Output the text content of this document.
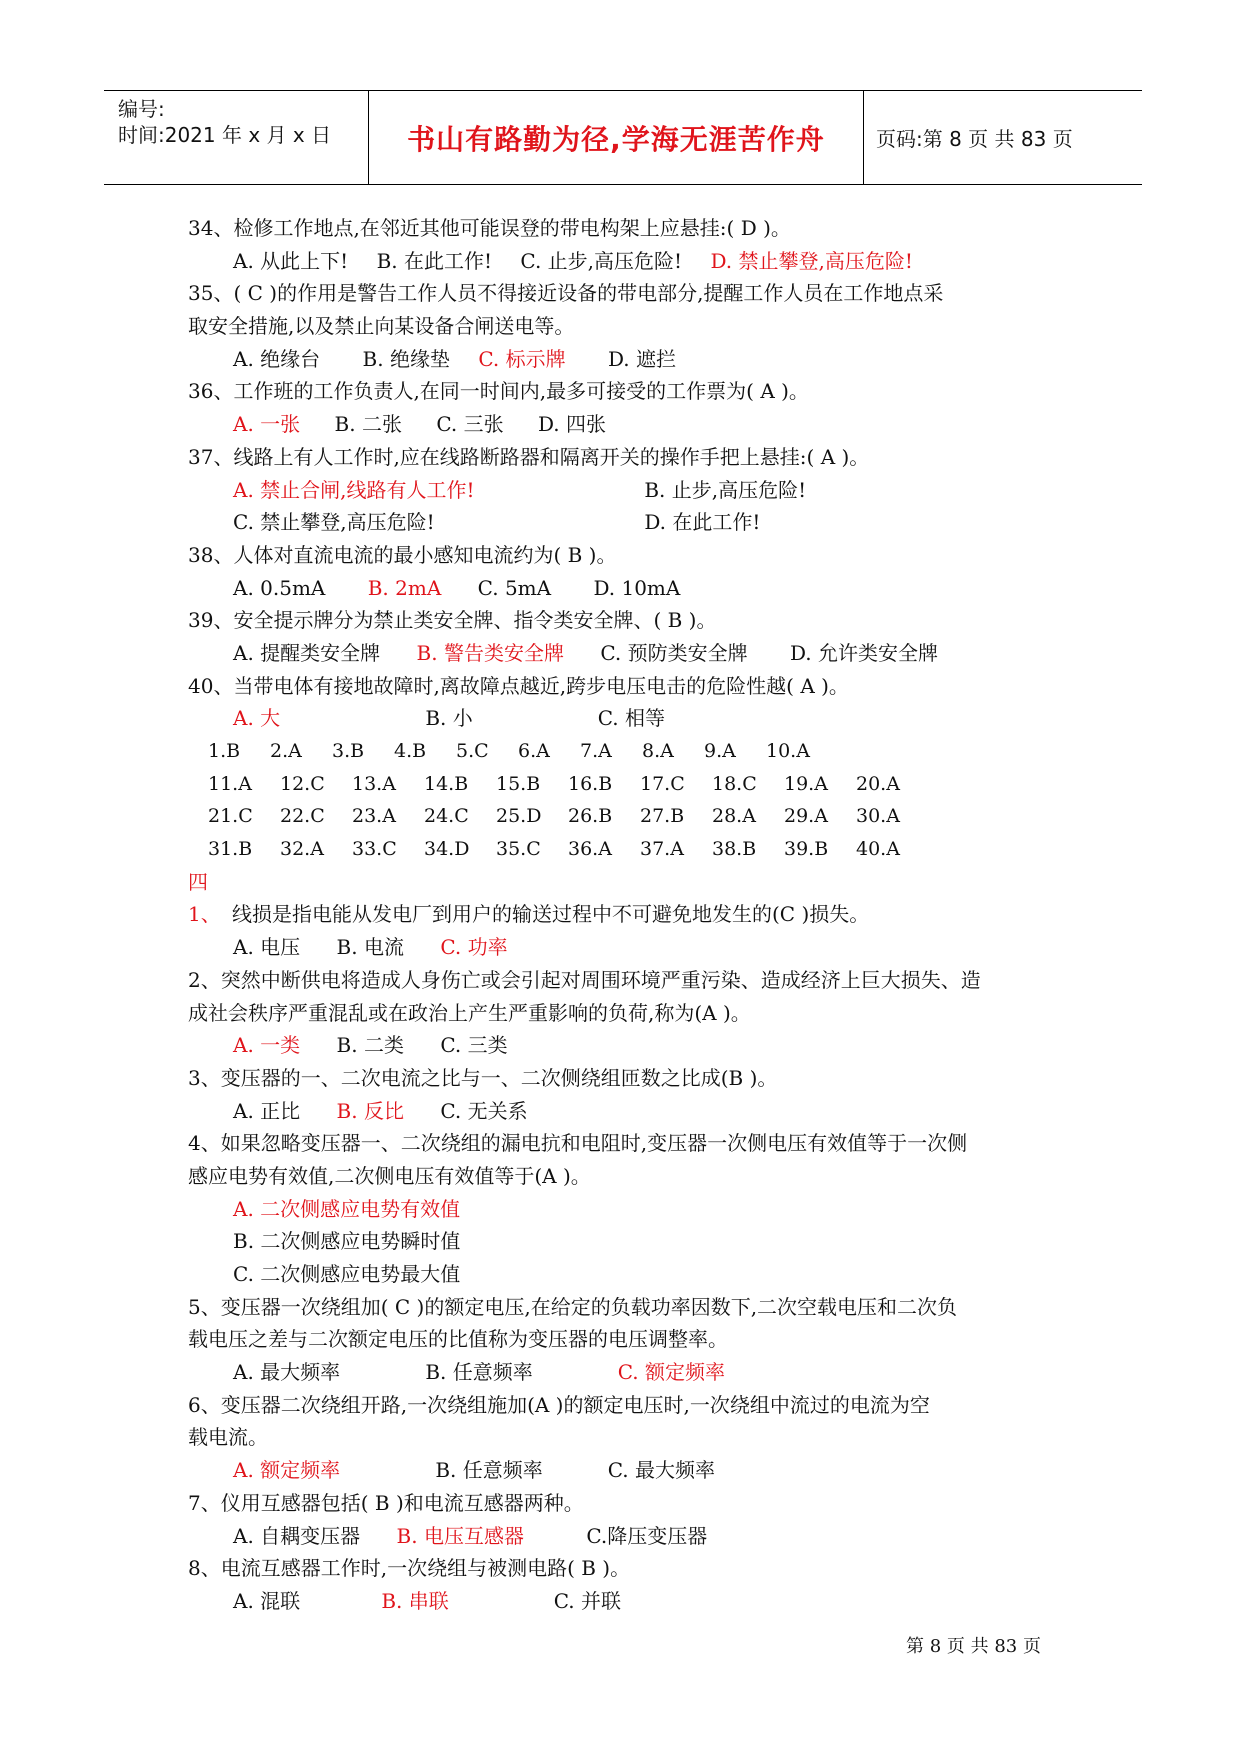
编号:
时间:2021 年 x 月 x 日	书山有路勤为径,学海无涯苦作舟	页码:第 8 页 共 83 页
34、检修工作地点,在邻近其他可能误登的带电构架上应悬挂:( D )。
A. 从此上下! B. 在此工作! C. 止步,高压危险! D. 禁止攀登,高压危险!
35、( C )的作用是警告工作人员不得接近设备的带电部分,提醒工作人员在工作地点采
取安全措施,以及禁止向某设备合闸送电等。
A. 绝缘台 B. 绝缘垫 C. 标示牌 D. 遮拦
36、工作班的工作负责人,在同一时间内,最多可接受的工作票为( A )。
A. 一张 B. 二张 C. 三张 D. 四张
37、线路上有人工作时,应在线路断路器和隔离开关的操作手把上悬挂:( A )。
A. 禁止合闸,线路有人工作!	B. 止步,高压危险!
C. 禁止攀登,高压危险!	D. 在此工作!
38、人体对直流电流的最小感知电流约为( B )。
A. 0.5mA B. 2mA C. 5mA D. 10mA
39、安全提示牌分为禁止类安全牌、指令类安全牌、( B )。
A. 提醒类安全牌 B. 警告类安全牌 C. 预防类安全牌 D. 允许类安全牌
40、当带电体有接地故障时,离故障点越近,跨步电压电击的危险性越( A )。
A. 大	B. 小	C. 相等
1.B 2.A 3.B 4.B 5.C 6.A 7.A 8.A 9.A 10.A
11.A 12.C 13.A 14.B 15.B 16.B 17.C 18.C 19.A 20.A
21.C 22.C 23.A 24.C 25.D 26.B 27.B 28.A 29.A 30.A
31.B 32.A 33.C 34.D 35.C 36.A 37.A 38.B 39.B 40.A
四
1、 线损是指电能从发电厂到用户的输送过程中不可避免地发生的(C )损失。
A. 电压 B. 电流 C. 功率
2、突然中断供电将造成人身伤亡或会引起对周围环境严重污染、造成经济上巨大损失、造
成社会秩序严重混乱或在政治上产生严重影响的负荷,称为(A )。
A. 一类 B. 二类 C. 三类
3、变压器的一、二次电流之比与一、二次侧绕组匝数之比成(B )。
A. 正比 B. 反比 C. 无关系
4、如果忽略变压器一、二次绕组的漏电抗和电阻时,变压器一次侧电压有效值等于一次侧
感应电势有效值,二次侧电压有效值等于(A )。
A. 二次侧感应电势有效值
B. 二次侧感应电势瞬时值
C. 二次侧感应电势最大值
5、变压器一次绕组加( C )的额定电压,在给定的负载功率因数下,二次空载电压和二次负
载电压之差与二次额定电压的比值称为变压器的电压调整率。
A. 最大频率	B. 任意频率	C. 额定频率
6、变压器二次绕组开路,一次绕组施加(A )的额定电压时,一次绕组中流过的电流为空
载电流。
A. 额定频率	B. 任意频率	C. 最大频率
7、仪用互感器包括( B )和电流互感器两种。
A. 自耦变压器 B. 电压互感器	C.降压变压器
8、电流互感器工作时,一次绕组与被测电路( B )。
A. 混联	B. 串联	C. 并联
第 8 页 共 83 页
